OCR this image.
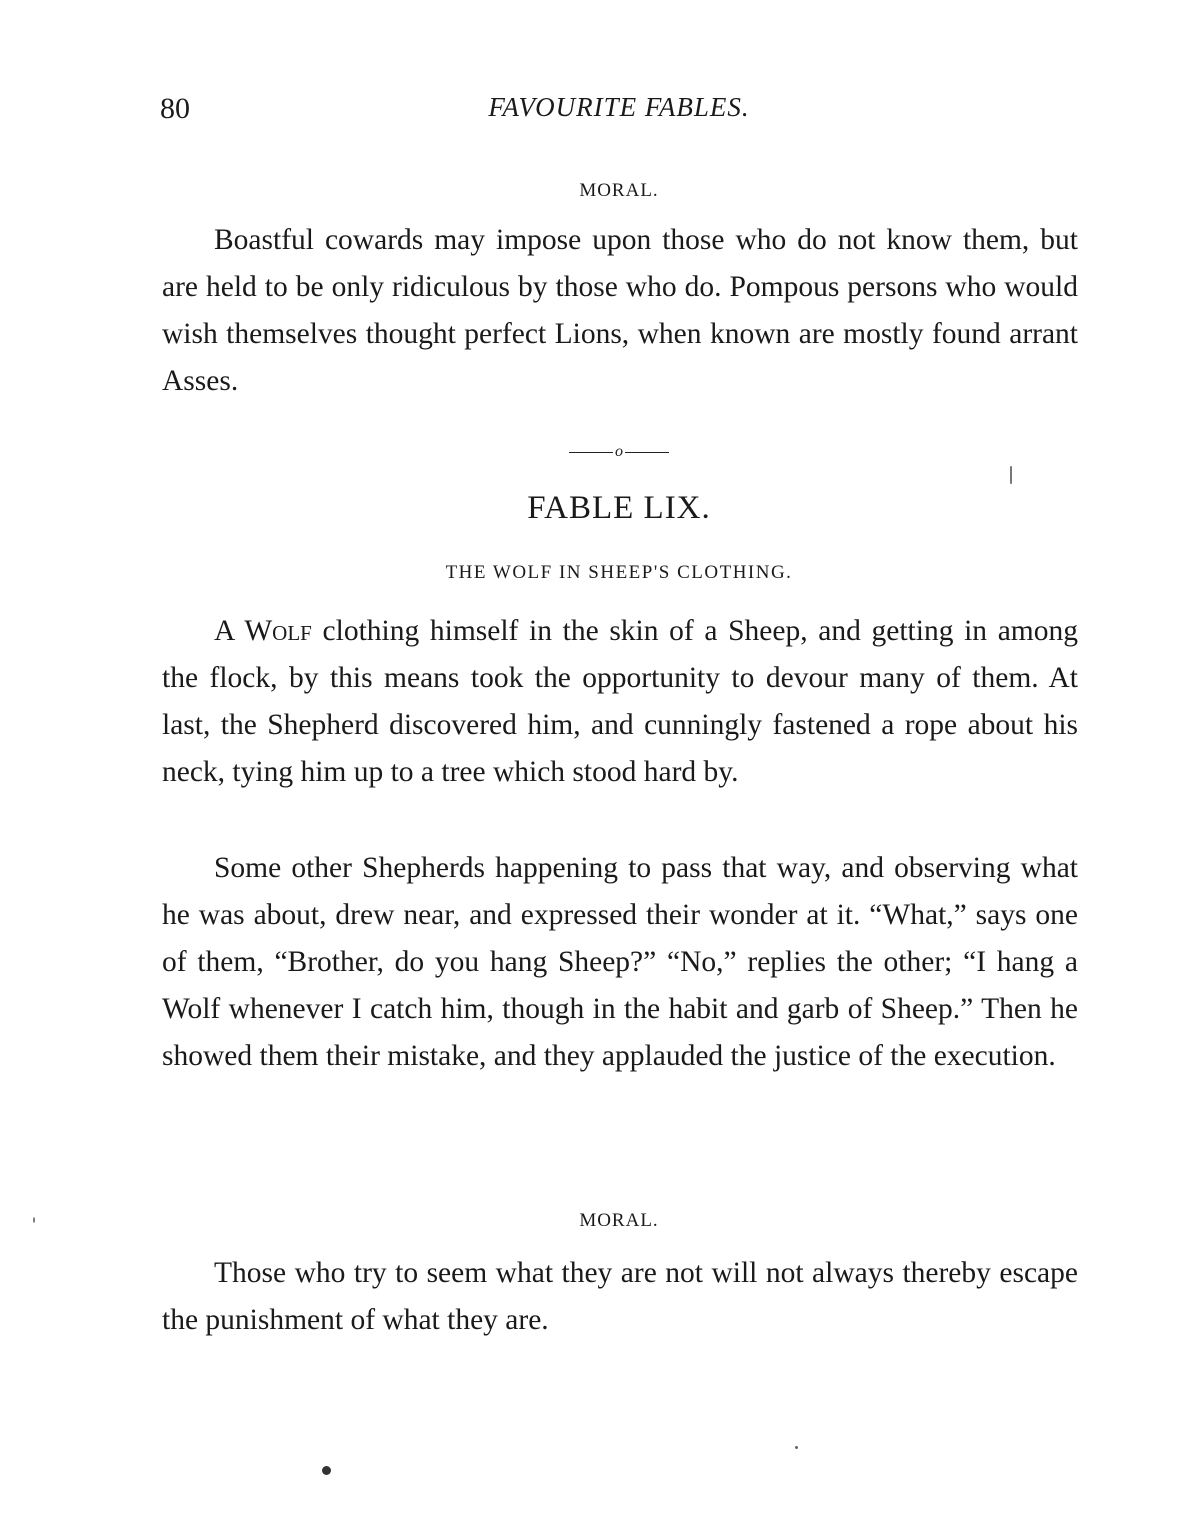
80	FAVOURITE FABLES.
MORAL.

Boastful cowards may impose upon those who do not know them, but are held to be only ridiculous by those who do. Pompous persons who would wish themselves thought perfect Lions, when known are mostly found arrant Asses.

o
FABLE LIX.
THE WOLF IN SHEEP'S CLOTHING.

A Wolf clothing himself in the skin of a Sheep, and getting in among the flock, by this means took the opportunity to devour many of them. At last, the Shepherd discovered him, and cunningly fastened a rope about his neck, tying him up to a tree which stood hard by.

Some other Shepherds happening to pass that way, and observing what he was about, drew near, and expressed their wonder at it. “What,” says one of them, “Brother, do you hang Sheep?” “No,” replies the other; “I hang a Wolf whenever I catch him, though in the habit and garb of Sheep.” Then he showed them their mistake, and they applauded the justice of the execution.

MORAL.

Those who try to seem what they are not will not always thereby escape the punishment of what they are.
